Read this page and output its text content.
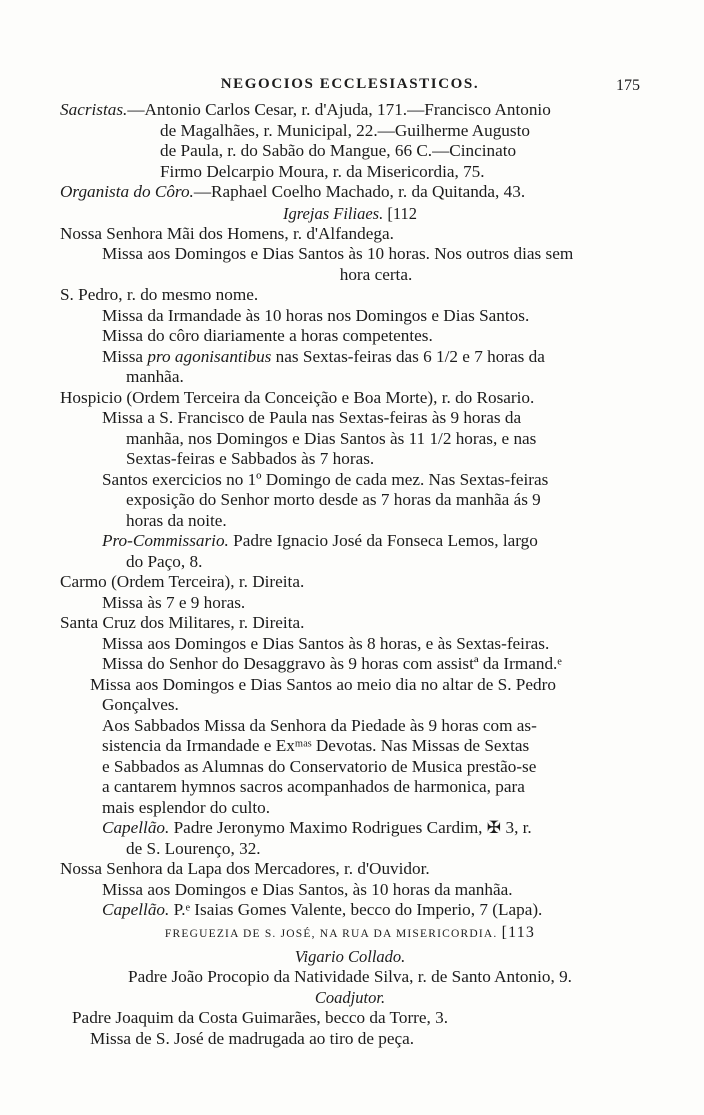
NEGOCIOS ECCLESIASTICOS.	175
Sacristas.—Antonio Carlos Cesar, r. d'Ajuda, 171.—Francisco Antonio
de Magalhães, r. Municipal, 22.—Guilherme Augusto
de Paula, r. do Sabão do Mangue, 66 C.—Cincinato
Firmo Delcarpio Moura, r. da Misericordia, 75.
Organista do Côro.—Raphael Coelho Machado, r. da Quitanda, 43.
Igrejas Filiaes. [112
Nossa Senhora Mãi dos Homens, r. d'Alfandega.
Missa aos Domingos e Dias Santos às 10 horas. Nos outros dias sem
hora certa.
S. Pedro, r. do mesmo nome.
Missa da Irmandade às 10 horas nos Domingos e Dias Santos.
Missa do côro diariamente a horas competentes.
Missa pro agonisantibus nas Sextas-feiras das 6 1/2 e 7 horas da
manhãa.
Hospicio (Ordem Terceira da Conceição e Boa Morte), r. do Rosario.
Missa a S. Francisco de Paula nas Sextas-feiras às 9 horas da
manhãa, nos Domingos e Dias Santos às 11 1/2 horas, e nas
Sextas-feiras e Sabbados às 7 horas.
Santos exercicios no 1º Domingo de cada mez. Nas Sextas-feiras
exposição do Senhor morto desde as 7 horas da manhãa ás 9
horas da noite.
Pro-Commissario. Padre Ignacio José da Fonseca Lemos, largo
do Paço, 8.
Carmo (Ordem Terceira), r. Direita.
Missa às 7 e 9 horas.
Santa Cruz dos Militares, r. Direita.
Missa aos Domingos e Dias Santos às 8 horas, e às Sextas-feiras.
Missa do Senhor do Desaggravo às 9 horas com assistª da Irmand.ᵉ
Missa aos Domingos e Dias Santos ao meio dia no altar de S. Pedro
Gonçalves.
Aos Sabbados Missa da Senhora da Piedade às 9 horas com as-
sistencia da Irmandade e Exᵐᵃˢ Devotas. Nas Missas de Sextas
e Sabbados as Alumnas do Conservatorio de Musica prestão-se
a cantarem hymnos sacros acompanhados de harmonica, para
mais esplendor do culto.
Capellão. Padre Jeronymo Maximo Rodrigues Cardim, ✠ 3, r.
de S. Lourenço, 32.
Nossa Senhora da Lapa dos Mercadores, r. d'Ouvidor.
Missa aos Domingos e Dias Santos, às 10 horas da manhãa.
Capellão. P.ᵉ Isaias Gomes Valente, becco do Imperio, 7 (Lapa).
FREGUEZIA DE S. JOSÉ, NA RUA DA MISERICORDIA. [113
Vigario Collado.
Padre João Procopio da Natividade Silva, r. de Santo Antonio, 9.
Coadjutor.
Padre Joaquim da Costa Guimarães, becco da Torre, 3.
Missa de S. José de madrugada ao tiro de peça.
